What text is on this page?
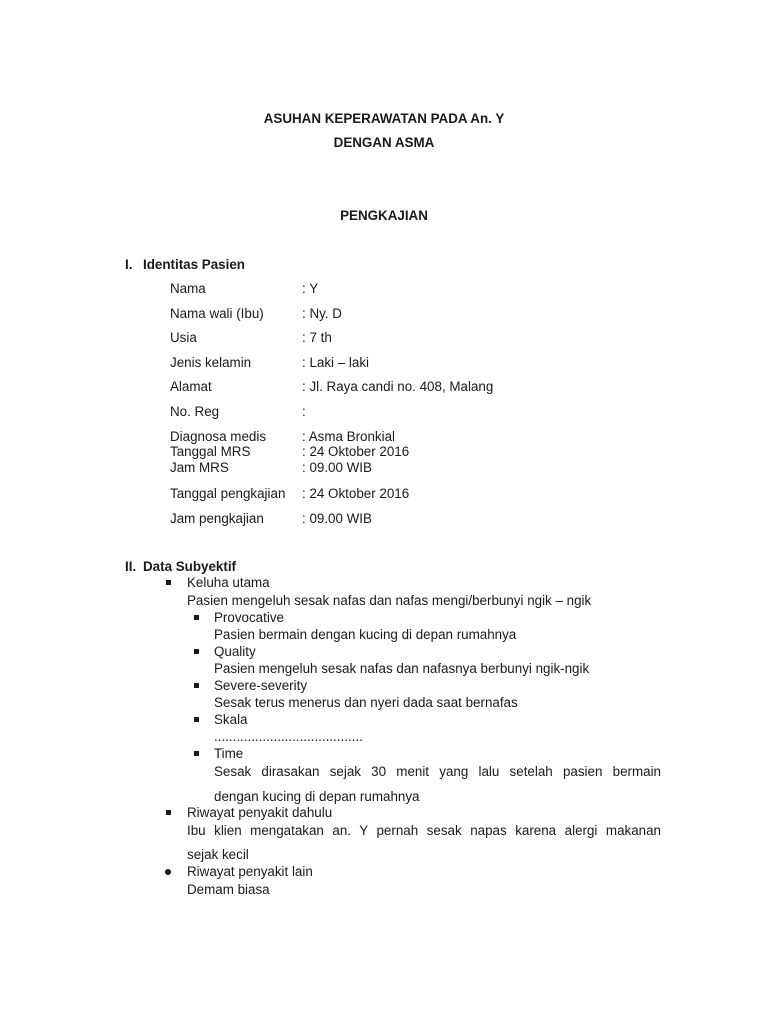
ASUHAN KEPERAWATAN PADA An. Y
DENGAN ASMA
PENGKAJIAN
I. Identitas Pasien
Nama	: Y
Nama wali (Ibu)	: Ny. D
Usia	: 7 th
Jenis kelamin	: Laki – laki
Alamat	: Jl. Raya candi no. 408, Malang
No. Reg	:
Diagnosa medis	: Asma Bronkial
Tanggal MRS	: 24 Oktober 2016
Jam MRS	: 09.00 WIB
Tanggal pengkajian : 24 Oktober 2016
Jam pengkajian	: 09.00 WIB
II. Data Subyektif
Keluha utama
Pasien mengeluh sesak nafas dan nafas mengi/berbunyi ngik – ngik
Provocative
Pasien bermain dengan kucing di depan rumahnya
Quality
Pasien mengeluh sesak nafas dan nafasnya berbunyi ngik-ngik
Severe-severity
Sesak terus menerus dan nyeri dada saat bernafas
Skala
........................................
Time
Sesak dirasakan sejak 30 menit yang lalu setelah pasien bermain
dengan kucing di depan rumahnya
Riwayat penyakit dahulu
Ibu klien mengatakan an. Y pernah sesak napas karena alergi makanan
sejak kecil
Riwayat penyakit lain
Demam biasa
